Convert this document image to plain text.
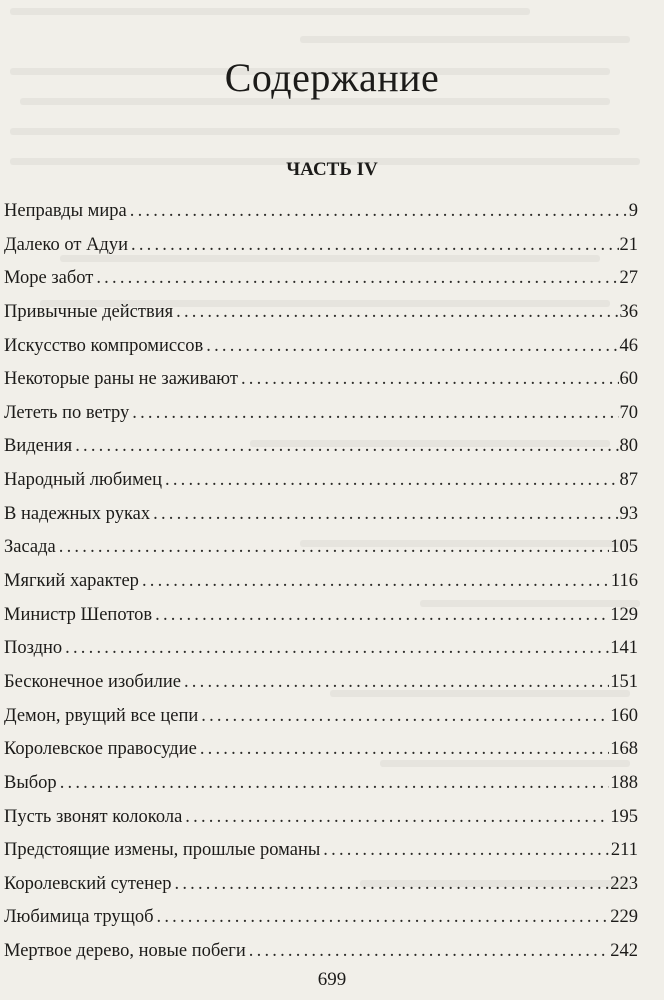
Содержание
ЧАСТЬ IV
Неправды мира .....	9
Далеко от Адуи .....	21
Море забот .....	27
Привычные действия .....	36
Искусство компромиссов .....	46
Некоторые раны не заживают .....	60
Лететь по ветру .....	70
Видения .....	80
Народный любимец .....	87
В надежных руках .....	93
Засада .....	105
Мягкий характер .....	116
Министр Шепотов .....	129
Поздно .....	141
Бесконечное изобилие .....	151
Демон, рвущий все цепи .....	160
Королевское правосудие .....	168
Выбор .....	188
Пусть звонят колокола .....	195
Предстоящие измены, прошлые романы .....	211
Королевский сутенер .....	223
Любимица трущоб .....	229
Мертвое дерево, новые побеги .....	242
699
